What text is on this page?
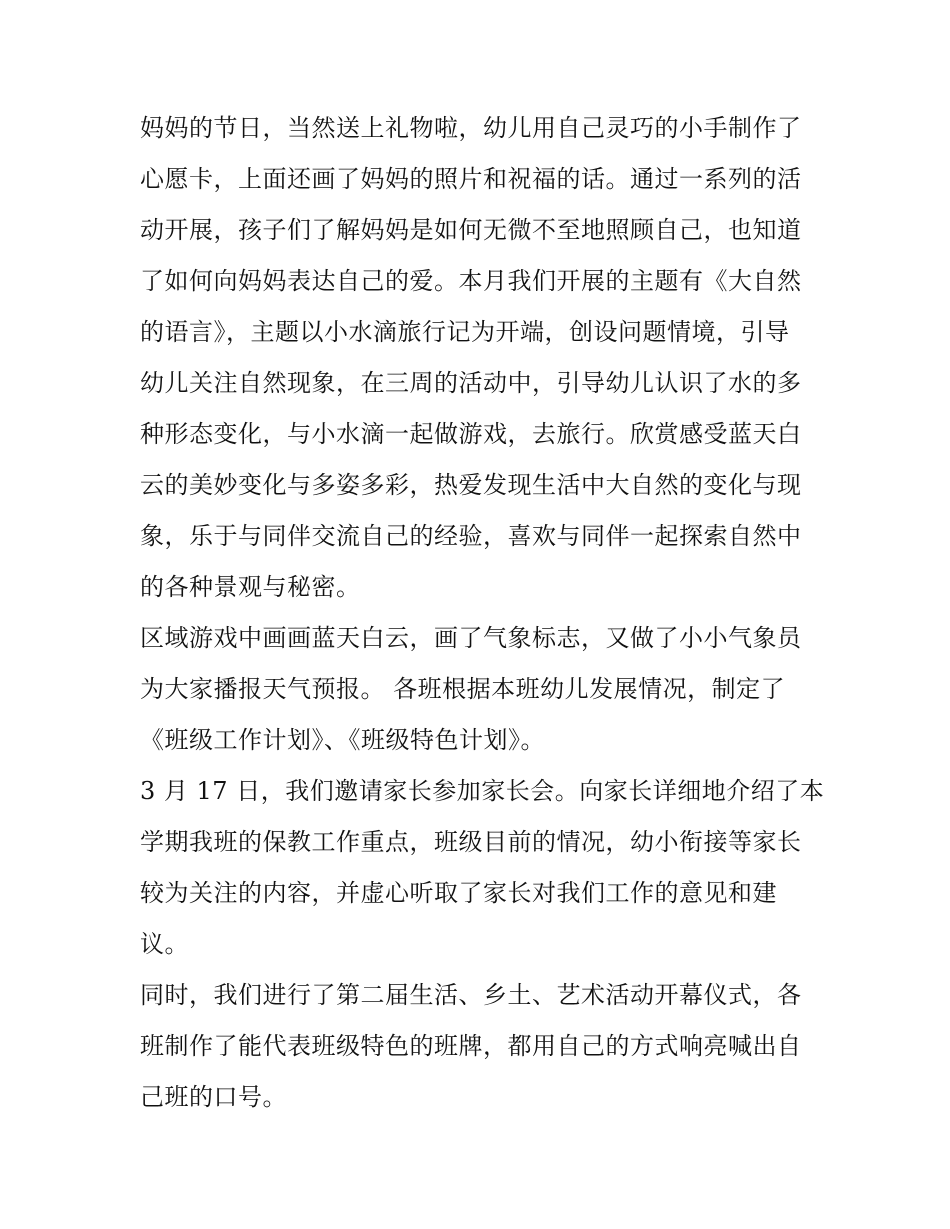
妈妈的节日，当然送上礼物啦，幼儿用自己灵巧的小手制作了
心愿卡，上面还画了妈妈的照片和祝福的话。通过一系列的活
动开展，孩子们了解妈妈是如何无微不至地照顾自己，也知道
了如何向妈妈表达自己的爱。本月我们开展的主题有《大自然
的语言》，主题以小水滴旅行记为开端，创设问题情境，引导
幼儿关注自然现象，在三周的活动中，引导幼儿认识了水的多
种形态变化，与小水滴一起做游戏，去旅行。欣赏感受蓝天白
云的美妙变化与多姿多彩，热爱发现生活中大自然的变化与现
象，乐于与同伴交流自己的经验，喜欢与同伴一起探索自然中
的各种景观与秘密。
区域游戏中画画蓝天白云，画了气象标志，又做了小小气象员
为大家播报天气预报。 各班根据本班幼儿发展情况，制定了
《班级工作计划》、《班级特色计划》。
3 月 17 日，我们邀请家长参加家长会。向家长详细地介绍了本
学期我班的保教工作重点，班级目前的情况，幼小衔接等家长
较为关注的内容，并虚心听取了家长对我们工作的意见和建
议。
同时，我们进行了第二届生活、乡土、艺术活动开幕仪式，各
班制作了能代表班级特色的班牌，都用自己的方式响亮喊出自
己班的口号。
